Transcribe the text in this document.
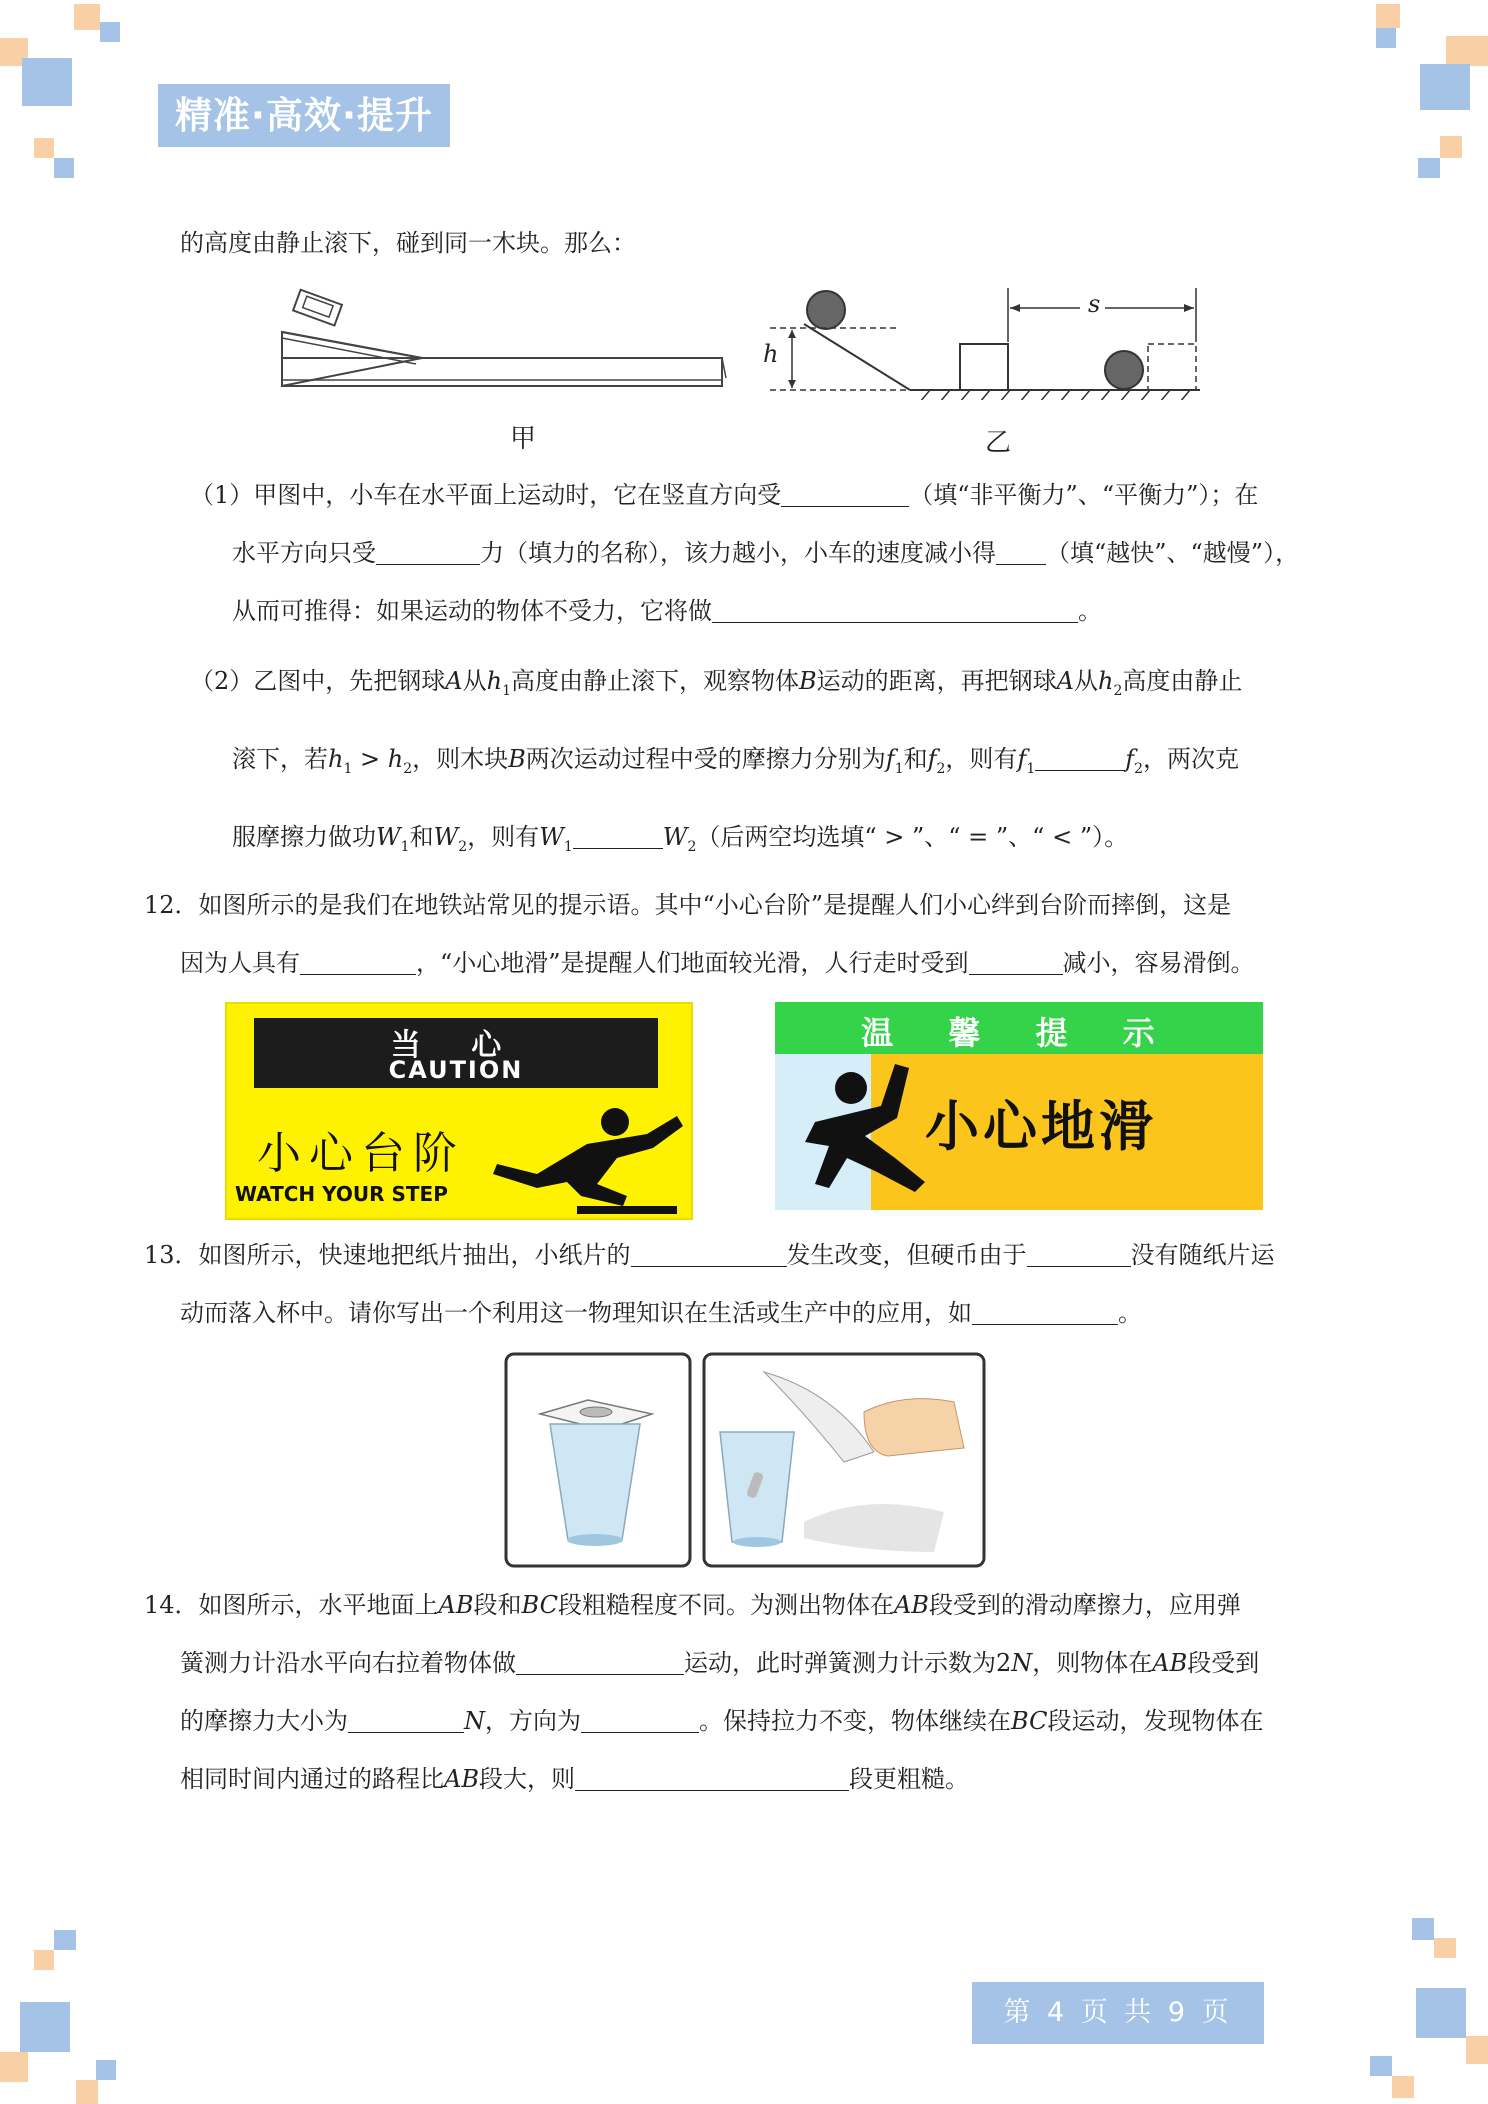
精准·高效·提升
的高度由静止滚下，碰到同一木块。那么：
甲
h
s
乙
（1）甲图中，小车在水平面上运动时，它在竖直方向受	（填“非平衡力”、“平衡力”）；在
水平方向只受	力（填力的名称），该力越小，小车的速度减小得 （填“越快”、“越慢”），
从而可推得：如果运动的物体不受力，它将做	。
（2）乙图中，先把钢球A从$h_1$高度由静止滚下，观察物体B运动的距离，再把钢球A从$h_2$高度由静止
滚下，若$h_1 > h_2$，则木块B两次运动过程中受的摩擦力分别为$f_1$和$f_2$，则有$f_1$	$f_2$，两次克
服摩擦力做功$W_1$和$W_2$，则有$W_1$	$W_2$（后两空均选填“ > ”、“ = ”、“ < ”）。
12．如图所示的是我们在地铁站常见的提示语。其中“小心台阶”是提醒人们小心绊到台阶而摔倒，这是
因为人具有	，“小心地滑”是提醒人们地面较光滑，人行走时受到	减小，容易滑倒。
当 心
CAUTION
小心台阶
WATCH YOUR STEP
温 馨 提 示
小心地滑
13．如图所示，快速地把纸片抽出，小纸片的	发生改变，但硬币由于	没有随纸片运
动而落入杯中。请你写出一个利用这一物理知识在生活或生产中的应用，如	。
14．如图所示，水平地面上AB段和BC段粗糙程度不同。为测出物体在AB段受到的滑动摩擦力，应用弹
簧测力计沿水平向右拉着物体做	运动，此时弹簧测力计示数为2N，则物体在AB段受到
的摩擦力大小为	N，方向为	。保持拉力不变，物体继续在BC段运动，发现物体在
相同时间内通过的路程比AB段大，则	段更粗糙。
第 4 页 共 9 页
